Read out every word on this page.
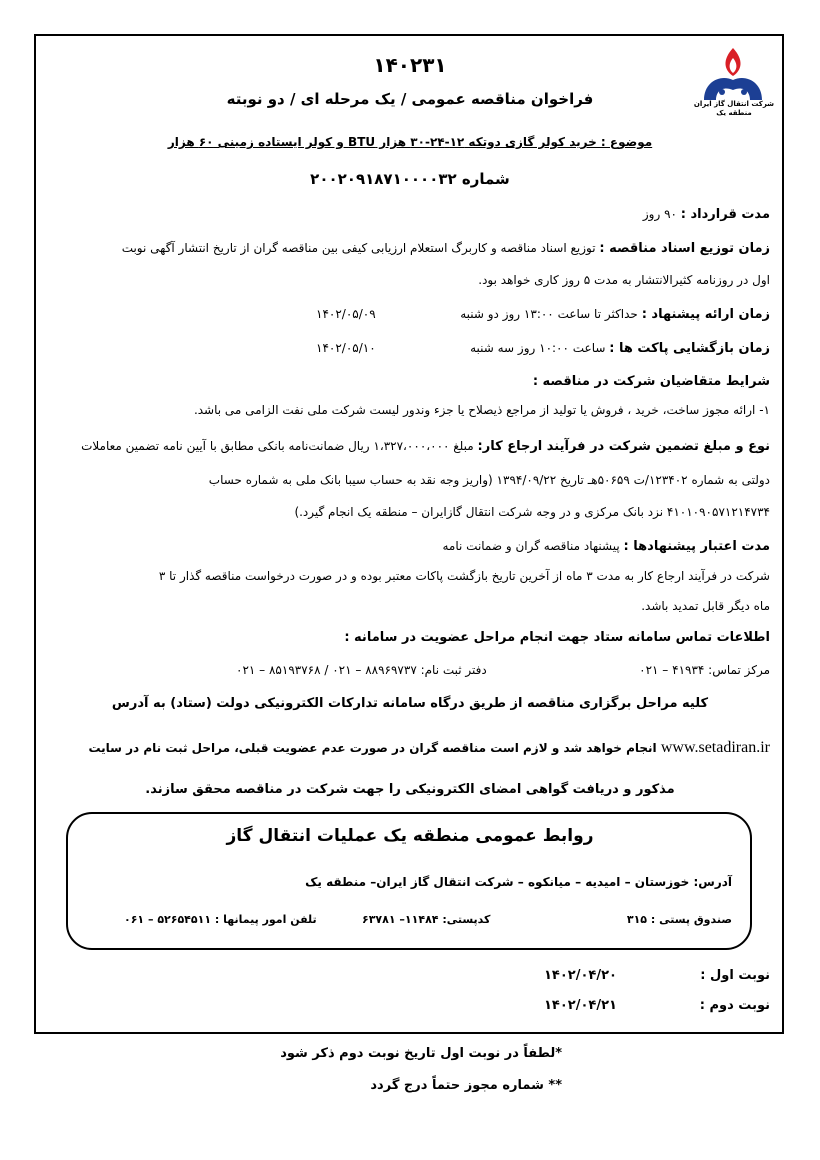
شرکت انتقال گاز ایران
منطقه یک
۱۴۰۲۳۱
فراخوان مناقصه عمومی / یک مرحله ای / دو نوبته
موضوع : خرید کولر گازی دوتکه ۱۲-۲۴-۳۰ هزار BTU و کولر ایستاده زمینی ۶۰ هزار
شماره ۲۰۰۲۰۹۱۸۷۱۰۰۰۰۳۲
مدت قرارداد : ۹۰ روز
زمان توزیع اسناد مناقصه : توزیع اسناد مناقصه و کاربرگ استعلام ارزیابی کیفی بین مناقصه گران از تاریخ انتشار آگهی نوبت
اول در روزنامه کثیرالانتشار به مدت ۵ روز کاری خواهد بود.
زمان ارائه پیشنهاد : حداکثر تا ساعت ۱۳:۰۰ روز دو شنبه
۱۴۰۲/۰۵/۰۹
زمان بازگشایی پاکت ها : ساعت ۱۰:۰۰ روز سه شنبه
۱۴۰۲/۰۵/۱۰
شرایط متقاضیان شرکت در مناقصه :
۱- ارائه مجوز ساخت، خرید ، فروش یا تولید از مراجع ذیصلاح یا جزء وندور لیست شرکت ملی نفت الزامی می باشد.
نوع و مبلغ تضمین شرکت در فرآیند ارجاع کار: مبلغ ۱،۳۲۷،۰۰۰،۰۰۰ ریال ضمانت‌نامه بانکی مطابق با آیین نامه تضمین معاملات
دولتی به شماره ۱۲۳۴۰۲/ت ۵۰۶۵۹هـ تاریخ ۱۳۹۴/۰۹/۲۲ (واریز وجه نقد به حساب سیبا بانک ملی به شماره حساب
۴۱۰۱۰۹۰۵۷۱۲۱۴۷۳۴ نزد بانک مرکزی و در وجه شرکت انتقال گازایران – منطقه یک انجام گیرد.)
مدت اعتبار پیشنهادها : پیشنهاد مناقصه گران و ضمانت نامه
شرکت در فرآیند ارجاع کار به مدت ۳ ماه از آخرین تاریخ بازگشت پاکات معتبر بوده و در صورت درخواست مناقصه گذار تا ۳
ماه دیگر قابل تمدید باشد.
اطلاعات تماس سامانه ستاد جهت انجام مراحل عضویت در سامانه :
مرکز تماس: ۴۱۹۳۴ – ۰۲۱
دفتر ثبت نام: ۸۸۹۶۹۷۳۷ – ۰۲۱ / ۸۵۱۹۳۷۶۸ – ۰۲۱
کلیه مراحل برگزاری مناقصه از طریق درگاه سامانه تدارکات الکترونیکی دولت (ستاد) به آدرس
www.setadiran.ir انجام خواهد شد و لازم است مناقصه گران در صورت عدم عضویت قبلی، مراحل ثبت نام در سایت
مذکور و دریافت گواهی امضای الکترونیکی را جهت شرکت در مناقصه محقق سازند.
روابط عمومی منطقه یک عملیات انتقال گاز
آدرس: خوزستان – امیدیه – میانکوه – شرکت انتقال گاز ایران– منطقه یک
صندوق پستی : ۳۱۵
کدپستی: ۱۱۴۸۴– ۶۳۷۸۱
تلفن امور پیمانها : ۵۲۶۵۴۵۱۱ – ۰۶۱
نوبت اول :
۱۴۰۲/۰۴/۲۰
نوبت دوم :
۱۴۰۲/۰۴/۲۱
*لطفاً در نوبت اول تاریخ نوبت دوم ذکر شود
** شماره مجوز حتماً درج گردد
